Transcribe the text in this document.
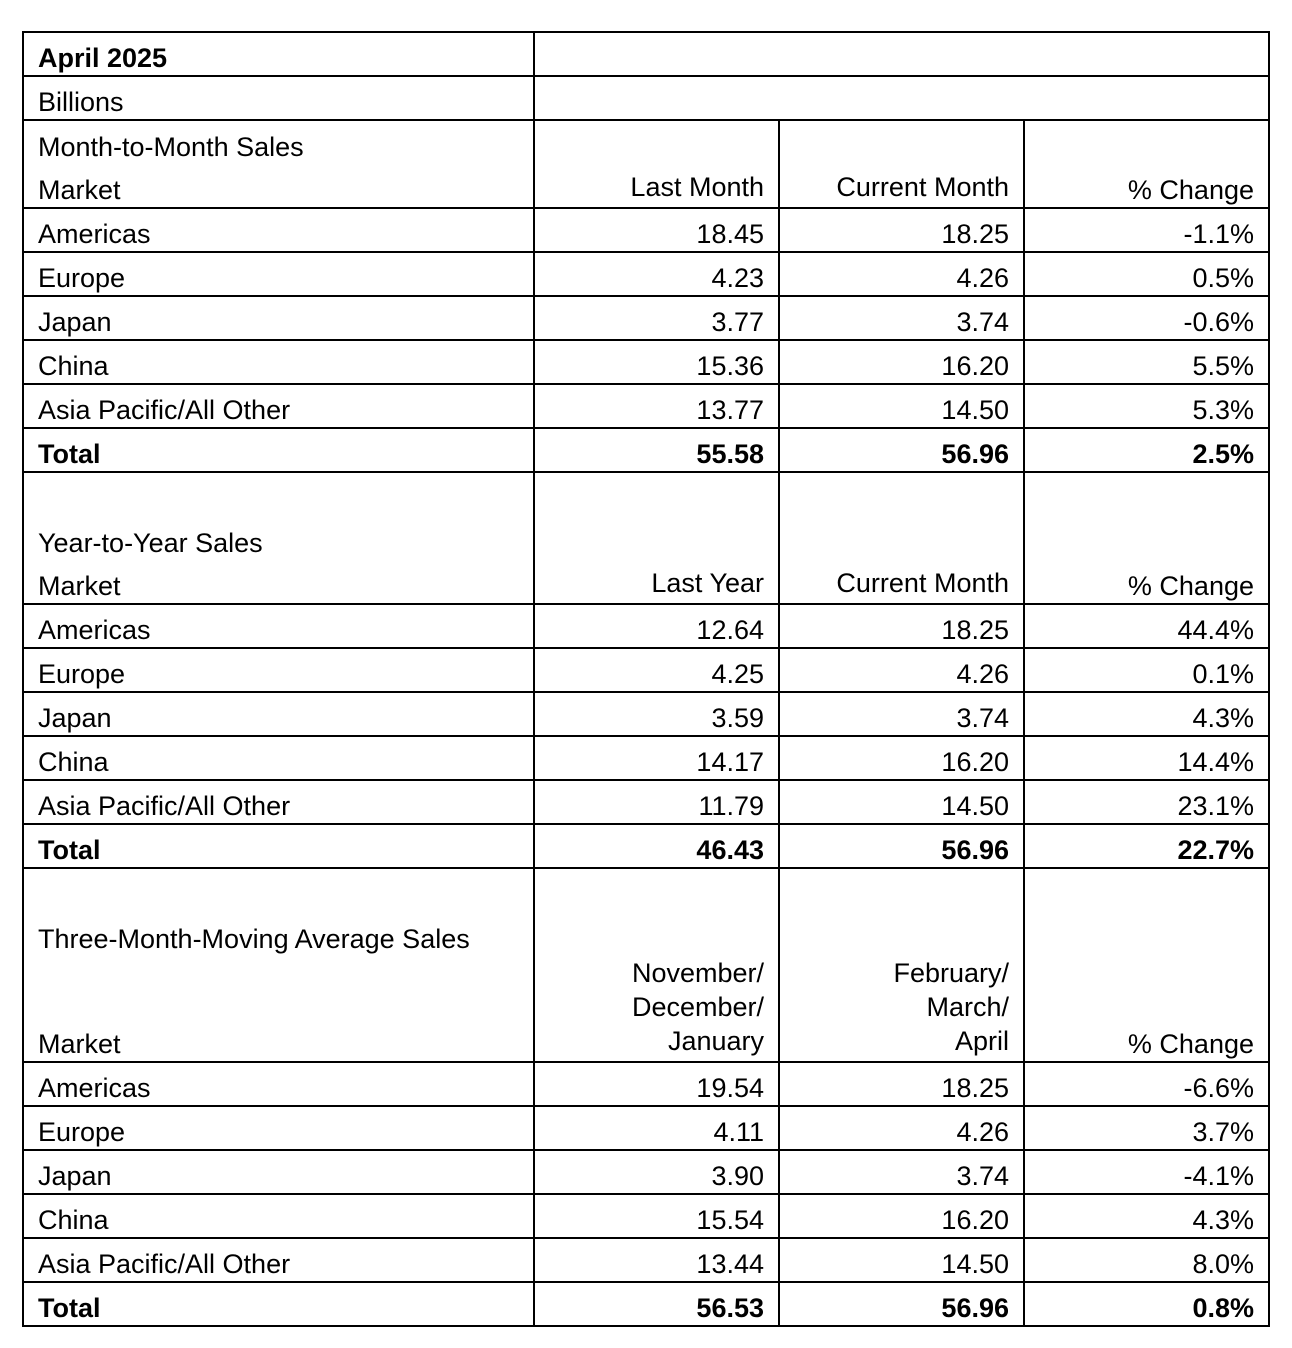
April 2025			
Billions			
Month-to-Month Sales			
Market	Last Month	Current Month	% Change
Americas	18.45	18.25	-1.1%
Europe	4.23	4.26	0.5%
Japan	3.77	3.74	-0.6%
China	15.36	16.20	5.5%
Asia Pacific/All Other	13.77	14.50	5.3%
Total	55.58	56.96	2.5%

Year-to-Year Sales			
Market	Last Year	Current Month	% Change
Americas	12.64	18.25	44.4%
Europe	4.25	4.26	0.1%
Japan	3.59	3.74	4.3%
China	14.17	16.20	14.4%
Asia Pacific/All Other	11.79	14.50	23.1%
Total	46.43	56.96	22.7%

Three-Month-Moving Average Sales			
Market	November/
December/
January	February/
March/
April	% Change
Americas	19.54	18.25	-6.6%
Europe	4.11	4.26	3.7%
Japan	3.90	3.74	-4.1%
China	15.54	16.20	4.3%
Asia Pacific/All Other	13.44	14.50	8.0%
Total	56.53	56.96	0.8%
